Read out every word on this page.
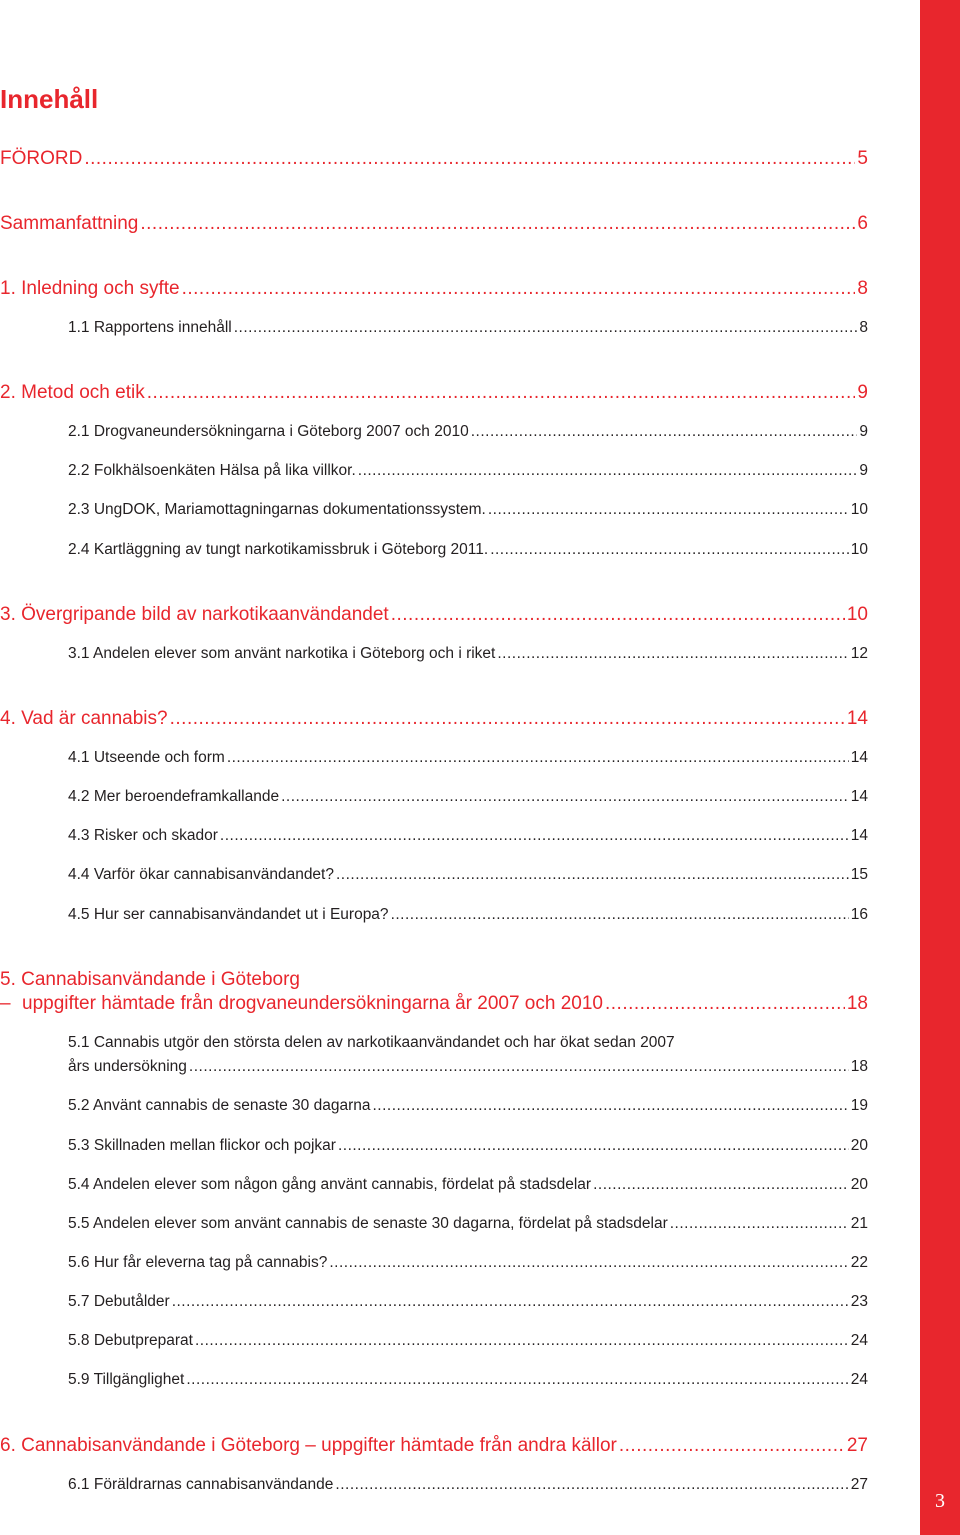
3
Innehåll
FÖRORD .....	5
Sammanfattning .....	6
1. Inledning och syfte .....	8
1.1 Rapportens innehåll .....	8
2. Metod och etik .....	9
2.1 Drogvaneundersökningarna i Göteborg 2007 och 2010 .....	9
2.2 Folkhälsoenkäten Hälsa på lika villkor. .....	9
2.3 UngDOK, Mariamottagningarnas dokumentationssystem. .....	10
2.4 Kartläggning av tungt narkotikamissbruk i Göteborg 2011. .....	10
3. Övergripande bild av narkotikaanvändandet .....	10
3.1 Andelen elever som använt narkotika i Göteborg och i riket .....	12
4. Vad är cannabis? .....	14
4.1 Utseende och form .....	14
4.2 Mer beroendeframkallande .....	14
4.3 Risker och skador .....	14
4.4 Varför ökar cannabisanvändandet? .....	15
4.5 Hur ser cannabisanvändandet ut i Europa? .....	16
5. Cannabisanvändande i Göteborg
– uppgifter hämtade från drogvaneundersökningarna år 2007 och 2010 .....	18
5.1 Cannabis utgör den största delen av narkotikaanvändandet och har ökat sedan 2007
års undersökning .....	18
5.2 Använt cannabis de senaste 30 dagarna .....	19
5.3 Skillnaden mellan flickor och pojkar .....	20
5.4 Andelen elever som någon gång använt cannabis, fördelat på stadsdelar .....	20
5.5 Andelen elever som använt cannabis de senaste 30 dagarna, fördelat på stadsdelar .....	21
5.6 Hur får eleverna tag på cannabis? .....	22
5.7 Debutålder .....	23
5.8 Debutpreparat .....	24
5.9 Tillgänglighet .....	24
6. Cannabisanvändande i Göteborg – uppgifter hämtade från andra källor .....	27
6.1 Föräldrarnas cannabisanvändande .....	27
